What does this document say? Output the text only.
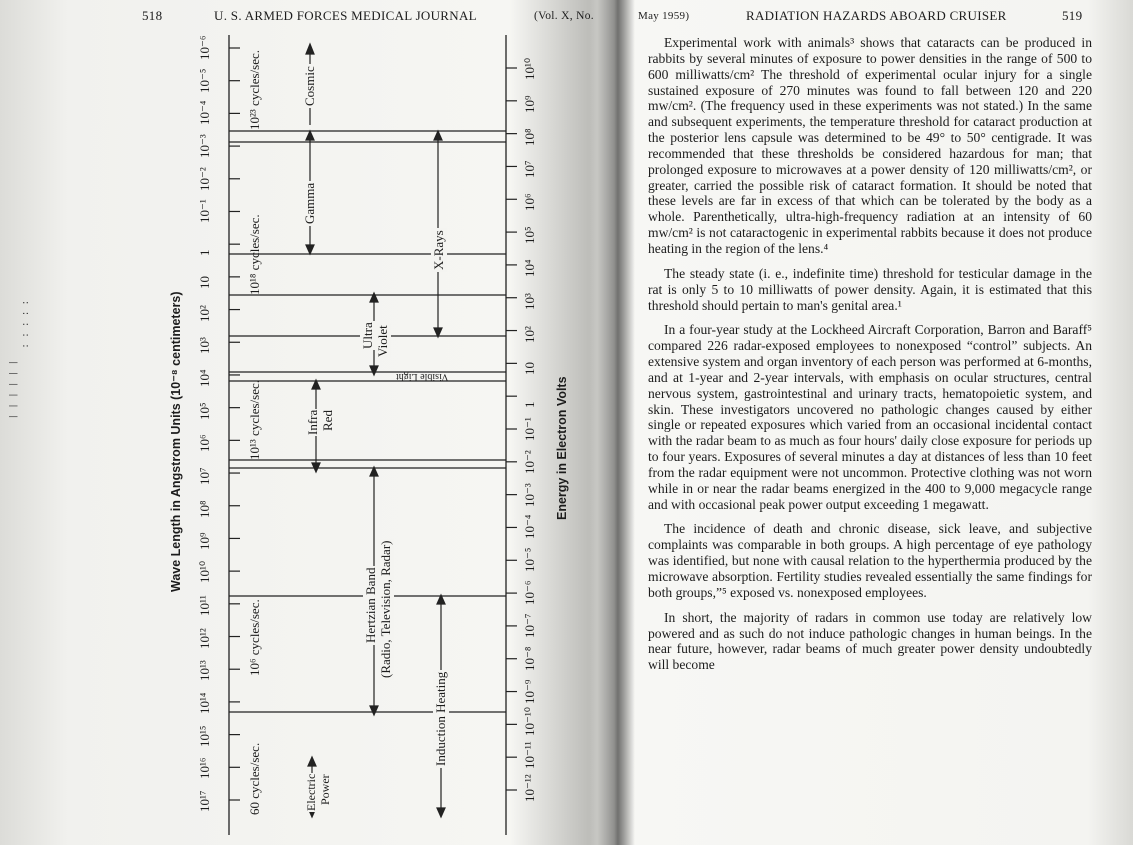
: : : : :
| | | | | |
518	U. S. ARMED FORCES MEDICAL JOURNAL	(Vol. X, No.
Wave Length in Angstrom Units (10⁻⁸ centimeters)	Energy in Electron Volts
10⁻⁶
10⁻⁵
10⁻⁴
10⁻³
10⁻²
10⁻¹
1
10
10²
10³
10⁴
10⁵
10⁶
10⁷
10⁸
10⁹
10¹⁰
10¹¹
10¹²
10¹³
10¹⁴
10¹⁵
10¹⁶
10¹⁷
10¹⁰
10⁹
10⁸
10⁷
10⁶
10⁵
10⁴
10³
10²
10
1
10⁻¹
10⁻²
10⁻³
10⁻⁴
10⁻⁵
10⁻⁶
10⁻⁷
10⁻⁸
10⁻⁹
10⁻¹⁰
10⁻¹¹
10⁻¹²
10²³ cycles/sec.
10¹⁸ cycles/sec.
10¹³ cycles/sec.
10⁶ cycles/sec.
60 cycles/sec.
Cosmic
Gamma
X-Rays
Ultra Violet
Visible Light
Infra Red
Hertzian Band (Radio, Television, Radar)
Induction Heating
Electric Power
May 1959)	RADIATION HAZARDS ABOARD CRUISER	519

Experimental work with animals³ shows that cataracts can be produced in rabbits by several minutes of exposure to power densities in the range of 500 to 600 milliwatts/cm² The threshold of experimental ocular injury for a single sustained exposure of 270 minutes was found to fall between 120 and 220 mw/cm². (The frequency used in these experiments was not stated.) In the same and subsequent experiments, the temperature threshold for cataract production at the posterior lens capsule was determined to be 49° to 50° centigrade. It was recommended that these thresholds be considered hazardous for man; that prolonged exposure to microwaves at a power density of 120 milliwatts/cm², or greater, carried the possible risk of cataract formation. It should be noted that these levels are far in excess of that which can be tolerated by the body as a whole. Parenthetically, ultra-high-frequency radiation at an intensity of 60 mw/cm² is not cataractogenic in experimental rabbits because it does not produce heating in the region of the lens.⁴

The steady state (i. e., indefinite time) threshold for testicular damage in the rat is only 5 to 10 milliwatts of power density. Again, it is estimated that this threshold should pertain to man's genital area.¹

In a four-year study at the Lockheed Aircraft Corporation, Barron and Baraff⁵ compared 226 radar-exposed employees to nonexposed “control” subjects. An extensive system and organ inventory of each person was performed at 6-months, and at 1-year and 2-year intervals, with emphasis on ocular structures, central nervous system, gastrointestinal and urinary tracts, hematopoietic system, and skin. These investigators uncovered no pathologic changes caused by either single or repeated exposures which varied from an occasional incidental contact with the radar beam to as much as four hours' daily close exposure for periods up to four years. Exposures of several minutes a day at distances of less than 10 feet from the radar equipment were not uncommon. Protective clothing was not worn while in or near the radar beams energized in the 400 to 9,000 megacycle range and with occasional peak power output exceeding 1 megawatt.

The incidence of death and chronic disease, sick leave, and subjective complaints was comparable in both groups. A high percentage of eye pathology was identified, but none with causal relation to the hyperthermia produced by the microwave absorption. Fertility studies revealed essentially the same findings for both groups,”⁵ exposed vs. nonexposed employees.

In short, the majority of radars in common use today are relatively low powered and as such do not induce pathologic changes in human beings. In the near future, however, radar beams of much greater power density undoubtedly will become
